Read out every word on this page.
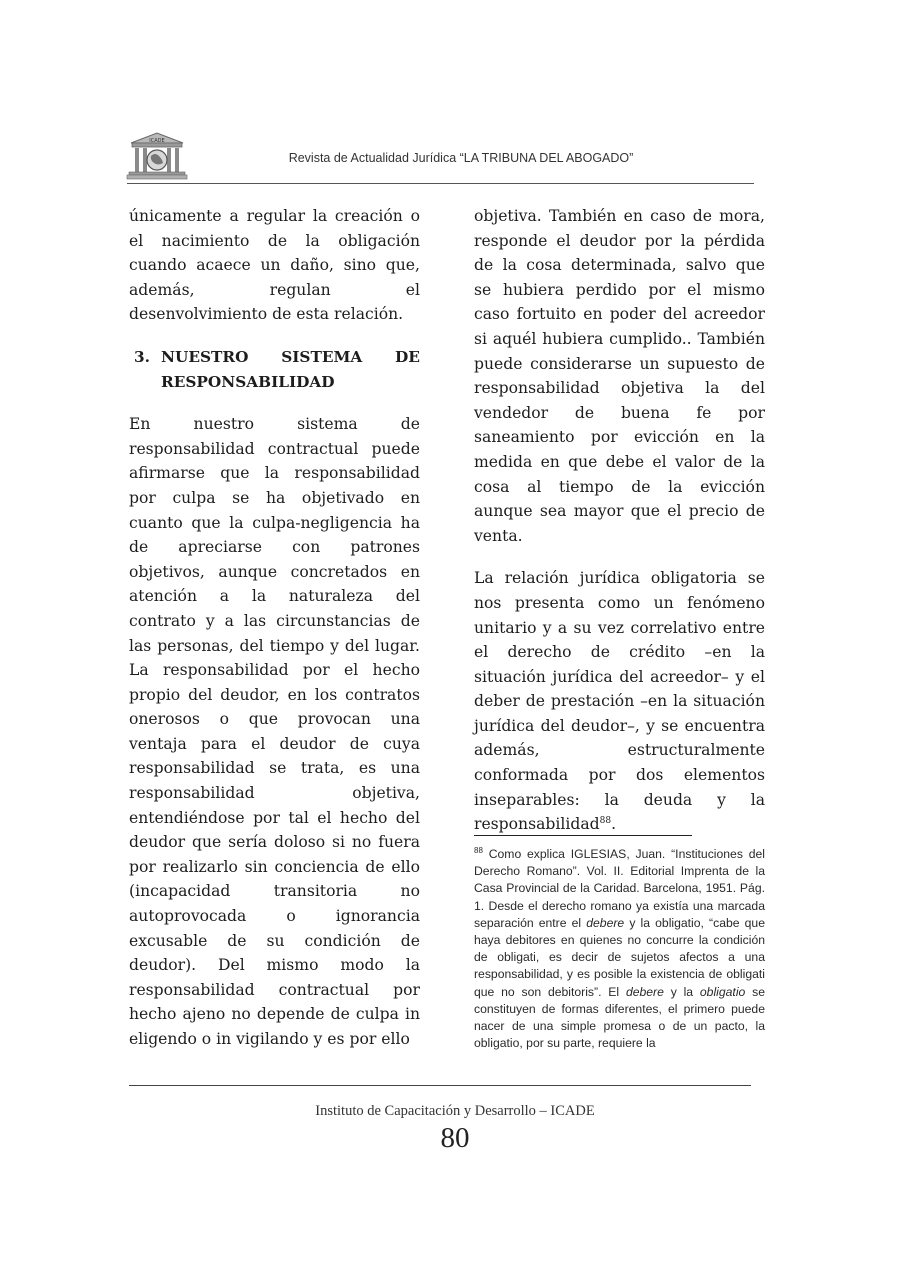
ICADE
Revista de Actualidad Jurídica “LA TRIBUNA DEL ABOGADO”

únicamente a regular la creación o el nacimiento de la obligación cuando acaece un daño, sino que, además, regulan el desenvolvimiento de esta relación.

3. NUESTRO SISTEMA DE
RESPONSABILIDAD

En nuestro sistema de responsabilidad contractual puede afirmarse que la responsabilidad por culpa se ha objetivado en cuanto que la culpa-negligencia ha de apreciarse con patrones objetivos, aunque concretados en atención a la naturaleza del contrato y a las circunstancias de las personas, del tiempo y del lugar. La responsabilidad por el hecho propio del deudor, en los contratos onerosos o que provocan una ventaja para el deudor de cuya responsabilidad se trata, es una responsabilidad objetiva, entendiéndose por tal el hecho del deudor que sería doloso si no fuera por realizarlo sin conciencia de ello (incapacidad transitoria no autoprovocada o ignorancia excusable de su condición de deudor). Del mismo modo la responsabilidad contractual por hecho ajeno no depende de culpa in eligendo o in vigilando y es por ello

objetiva. También en caso de mora, responde el deudor por la pérdida de la cosa determinada, salvo que se hubiera perdido por el mismo caso fortuito en poder del acreedor si aquél hubiera cumplido.. También puede considerarse un supuesto de responsabilidad objetiva la del vendedor de buena fe por saneamiento por evicción en la medida en que debe el valor de la cosa al tiempo de la evicción aunque sea mayor que el precio de venta.

La relación jurídica obligatoria se nos presenta como un fenómeno unitario y a su vez correlativo entre el derecho de crédito –en la situación jurídica del acreedor– y el deber de prestación –en la situación jurídica del deudor–, y se encuentra además, estructuralmente conformada por dos elementos inseparables: la deuda y la responsabilidad$^{88}$.

$^{88}$ Como explica IGLESIAS, Juan. “Instituciones del Derecho Romano”. Vol. II. Editorial Imprenta de la Casa Provincial de la Caridad. Barcelona, 1951. Pág. 1. Desde el derecho romano ya existía una marcada separación entre el debere y la obligatio, “cabe que haya debitores en quienes no concurre la condición de obligati, es decir de sujetos afectos a una responsabilidad, y es posible la existencia de obligati que no son debitoris”. El debere y la obligatio se constituyen de formas diferentes, el primero puede nacer de una simple promesa o de un pacto, la obligatio, por su parte, requiere la
Instituto de Capacitación y Desarrollo – ICADE
80
